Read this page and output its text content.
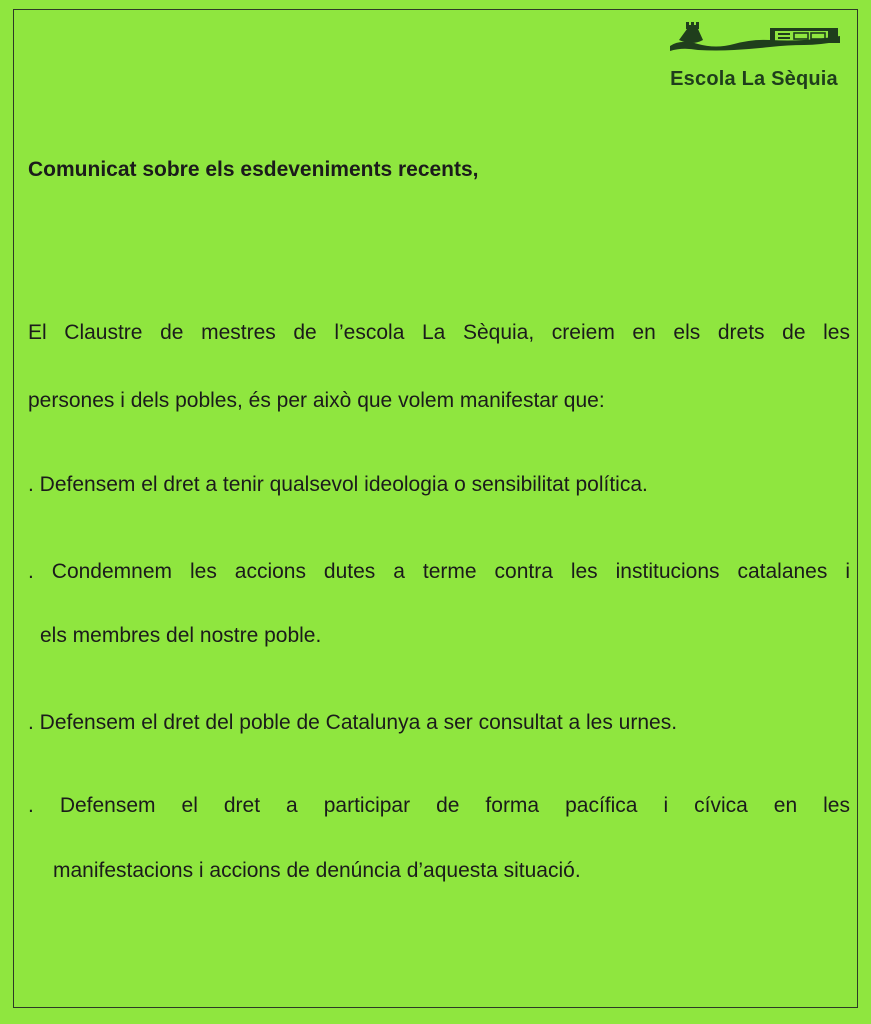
Escola La Sèquia
Comunicat sobre els esdeveniments recents,
El Claustre de mestres de l’escola La Sèquia, creiem en els drets de les
persones i dels pobles, és per això que volem manifestar que:
. Defensem el dret a tenir qualsevol ideologia o sensibilitat política.
. Condemnem les accions dutes a terme contra les institucions catalanes i
els membres del nostre poble.
. Defensem el dret del poble de Catalunya a ser consultat a les urnes.
. Defensem el dret a participar de forma pacífica i cívica en les
manifestacions i accions de denúncia d’aquesta situació.
